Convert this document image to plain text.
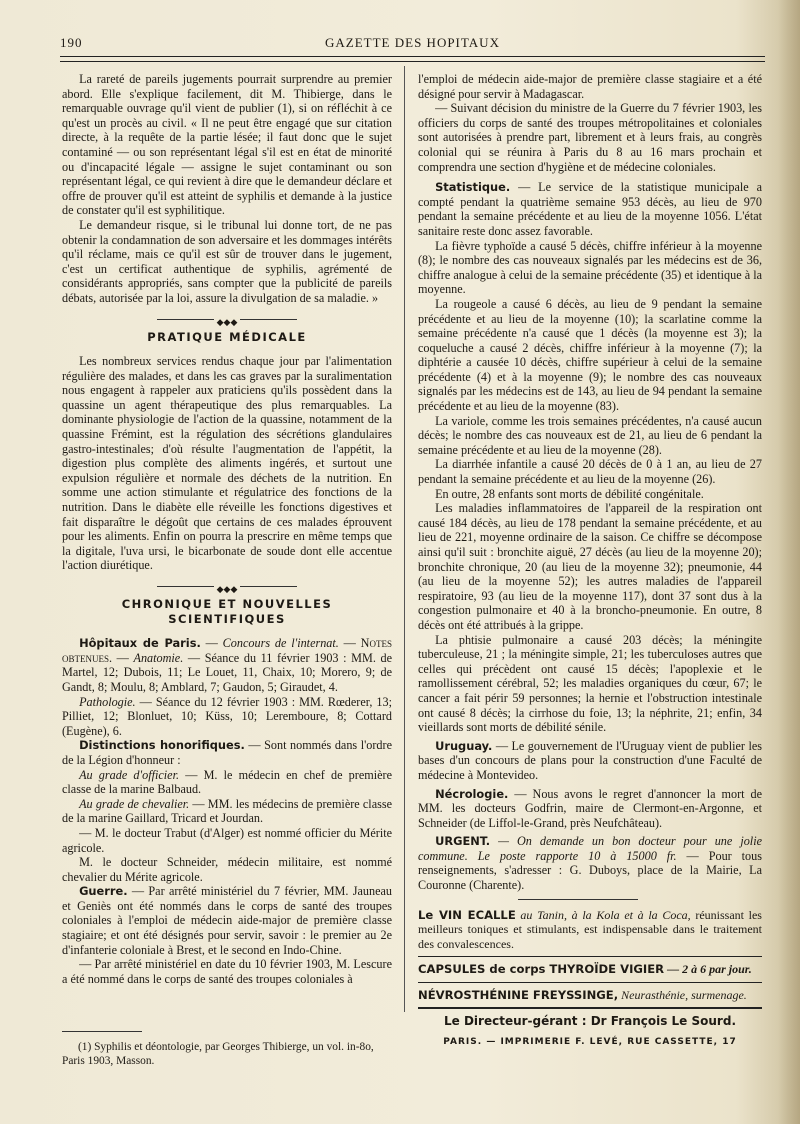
190	GAZETTE DES HOPITAUX

La rareté de pareils jugements pourrait surprendre au premier abord. Elle s'explique facilement, dit M. Thibierge, dans le remarquable ouvrage qu'il vient de publier (1), si on réfléchit à ce qu'est un procès au civil. « Il ne peut être engagé que sur citation directe, à la requête de la partie lésée; il faut donc que le sujet contaminé — ou son représentant légal s'il est en état de minorité ou d'incapacité légale — assigne le sujet contaminant ou son représentant légal, ce qui revient à dire que le demandeur déclare et offre de prouver qu'il est atteint de syphilis et demande à la justice de constater qu'il est syphilitique.

Le demandeur risque, si le tribunal lui donne tort, de ne pas obtenir la condamnation de son adversaire et les dommages intérêts qu'il réclame, mais ce qu'il est sûr de trouver dans le jugement, c'est un certificat authentique de syphilis, agrémenté de considérants appropriés, sans compter que la publicité de pareils débats, autorisée par la loi, assure la divulgation de sa maladie. »

◆◆◆
PRATIQUE MÉDICALE

Les nombreux services rendus chaque jour par l'alimentation régulière des malades, et dans les cas graves par la suralimentation nous engagent à rappeler aux praticiens qu'ils possèdent dans la quassine un agent thérapeutique des plus remarquables. La dominante physiologie de l'action de la quassine, notamment de la quassine Frémint, est la régulation des sécrétions glandulaires gastro-intestinales; d'où résulte l'augmentation de l'appétit, la digestion plus complète des aliments ingérés, et surtout une expulsion régulière et normale des déchets de la nutrition. En somme une action stimulante et régulatrice des fonctions de la nutrition. Dans le diabète elle réveille les fonctions digestives et fait disparaître le dégoût que certains de ces malades éprouvent pour les aliments. Enfin on pourra la prescrire en même temps que la digitale, l'uva ursi, le bicarbonate de soude dont elle accentue l'action diurétique.

◆◆◆
CHRONIQUE ET NOUVELLES SCIENTIFIQUES

Hôpitaux de Paris. — Concours de l'internat. — Notes obtenues. — Anatomie. — Séance du 11 février 1903 : MM. de Martel, 12; Dubois, 11; Le Louet, 11, Chaix, 10; Morero, 9; de Gandt, 8; Moulu, 8; Amblard, 7; Gaudon, 5; Giraudet, 4.

Pathologie. — Séance du 12 février 1903 : MM. Rœderer, 13; Pilliet, 12; Blonluet, 10; Küss, 10; Leremboure, 8; Cottard (Eugène), 6.

Distinctions honorifiques. — Sont nommés dans l'ordre de la Légion d'honneur :

Au grade d'officier. — M. le médecin en chef de première classe de la marine Balbaud.

Au grade de chevalier. — MM. les médecins de première classe de la marine Gaillard, Tricard et Jourdan.

— M. le docteur Trabut (d'Alger) est nommé officier du Mérite agricole.

M. le docteur Schneider, médecin militaire, est nommé chevalier du Mérite agricole.

Guerre. — Par arrêté ministériel du 7 février, MM. Jauneau et Geniès ont été nommés dans le corps de santé des troupes coloniales à l'emploi de médecin aide-major de première classe stagiaire; et ont été désignés pour servir, savoir : le premier au 2e d'infanterie coloniale à Brest, et le second en Indo-Chine.

— Par arrêté ministériel en date du 10 février 1903, M. Lescure a été nommé dans le corps de santé des troupes coloniales à

(1) Syphilis et déontologie, par Georges Thibierge, un vol. in-8o, Paris 1903, Masson.

l'emploi de médecin aide-major de première classe stagiaire et a été désigné pour servir à Madagascar.

— Suivant décision du ministre de la Guerre du 7 février 1903, les officiers du corps de santé des troupes métropolitaines et coloniales sont autorisées à prendre part, librement et à leurs frais, au congrès colonial qui se réunira à Paris du 8 au 16 mars prochain et comprendra une section d'hygiène et de médecine coloniales.

Statistique. — Le service de la statistique municipale a compté pendant la quatrième semaine 953 décès, au lieu de 970 pendant la semaine précédente et au lieu de la moyenne 1056. L'état sanitaire reste donc assez favorable.

La fièvre typhoïde a causé 5 décès, chiffre inférieur à la moyenne (8); le nombre des cas nouveaux signalés par les médecins est de 36, chiffre analogue à celui de la semaine précédente (35) et identique à la moyenne.

La rougeole a causé 6 décès, au lieu de 9 pendant la semaine précédente et au lieu de la moyenne (10); la scarlatine comme la semaine précédente n'a causé que 1 décès (la moyenne est 3); la coqueluche a causé 2 décès, chiffre inférieur à la moyenne (7); la diphtérie a causée 10 décès, chiffre supérieur à celui de la semaine précédente (4) et à la moyenne (9); le nombre des cas nouveaux signalés par les médecins est de 143, au lieu de 94 pendant la semaine précédente et au lieu de la moyenne (83).

La variole, comme les trois semaines précédentes, n'a causé aucun décès; le nombre des cas nouveaux est de 21, au lieu de 6 pendant la semaine précédente et au lieu de la moyenne (28).

La diarrhée infantile a causé 20 décès de 0 à 1 an, au lieu de 27 pendant la semaine précédente et au lieu de la moyenne (26).

En outre, 28 enfants sont morts de débilité congénitale.

Les maladies inflammatoires de l'appareil de la respiration ont causé 184 décès, au lieu de 178 pendant la semaine précédente, et au lieu de 221, moyenne ordinaire de la saison. Ce chiffre se décompose ainsi qu'il suit : bronchite aiguë, 27 décès (au lieu de la moyenne 20); bronchite chronique, 20 (au lieu de la moyenne 32); pneumonie, 44 (au lieu de la moyenne 52); les autres maladies de l'appareil respiratoire, 93 (au lieu de la moyenne 117), dont 37 sont dus à la congestion pulmonaire et 40 à la broncho-pneumonie. En outre, 8 décès ont été attribués à la grippe.

La phtisie pulmonaire a causé 203 décès; la méningite tuberculeuse, 21 ; la méningite simple, 21; les tuberculoses autres que celles qui précèdent ont causé 15 décès; l'apoplexie et le ramollissement cérébral, 52; les maladies organiques du cœur, 67; le cancer a fait périr 59 personnes; la hernie et l'obstruction intestinale ont causé 8 décès; la cirrhose du foie, 13; la néphrite, 21; enfin, 34 vieillards sont morts de débilité sénile.

Uruguay. — Le gouvernement de l'Uruguay vient de publier les bases d'un concours de plans pour la construction d'une Faculté de médecine à Montevideo.

Nécrologie. — Nous avons le regret d'annoncer la mort de MM. les docteurs Godfrin, maire de Clermont-en-Argonne, et Schneider (de Liffol-le-Grand, près Neufchâteau).

URGENT. — On demande un bon docteur pour une jolie commune. Le poste rapporte 10 à 15000 fr. — Pour tous renseignements, s'adresser : G. Duboys, place de la Mairie, La Couronne (Charente).

Le VIN ECALLE au Tanin, à la Kola et à la Coca, réunissant les meilleurs toniques et stimulants, est indispensable dans le traitement des convalescences.

CAPSULES de corps THYROÏDE VIGIER — 2 à 6 par jour.

NÉVROSTHÉNINE FREYSSINGE, Neurasthénie, surmenage.

Le Directeur-gérant : Dr François Le Sourd.
PARIS. — IMPRIMERIE F. LEVÉ, RUE CASSETTE, 17
